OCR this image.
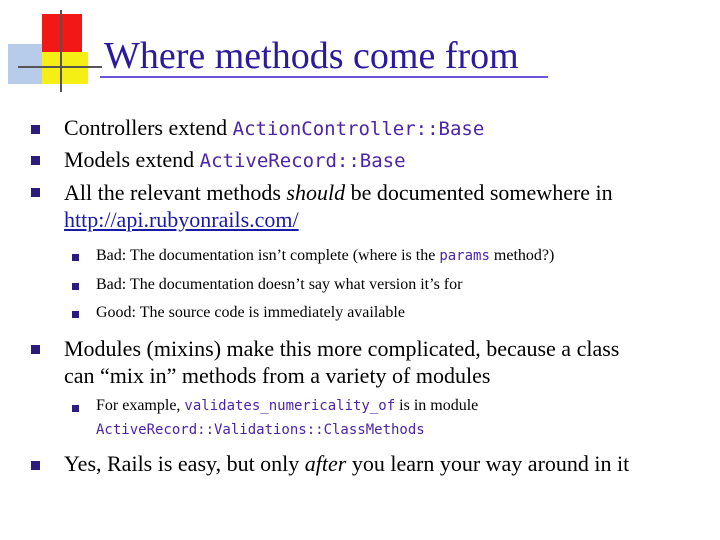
Where methods come from
Controllers extend ActionController::Base
Models extend ActiveRecord::Base
All the relevant methods should be documented somewhere in
http://api.rubyonrails.com/
Bad: The documentation isn’t complete (where is the params method?)
Bad: The documentation doesn’t say what version it’s for
Good: The source code is immediately available
Modules (mixins) make this more complicated, because a class
can “mix in” methods from a variety of modules
For example, validates_numericality_of is in module
ActiveRecord::Validations::ClassMethods
Yes, Rails is easy, but only after you learn your way around in it
